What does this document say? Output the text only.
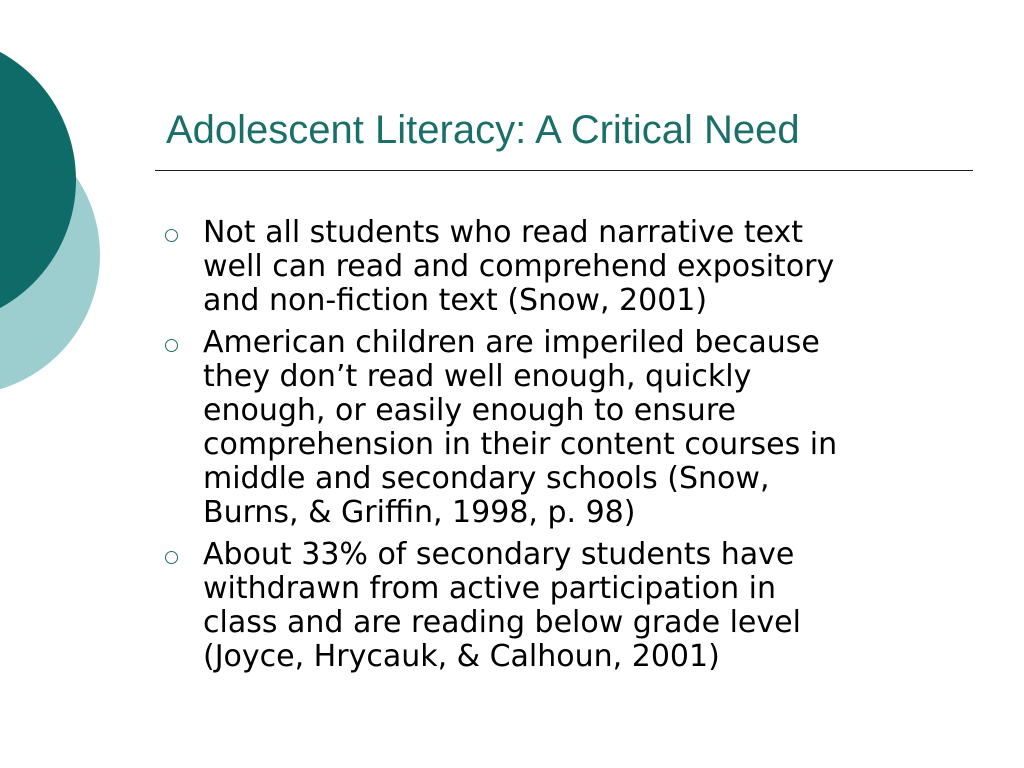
Adolescent Literacy: A Critical Need
Not all students who read narrative text
well can read and comprehend expository
and non-fiction text (Snow, 2001)
American children are imperiled because
they don’t read well enough, quickly
enough, or easily enough to ensure
comprehension in their content courses in
middle and secondary schools (Snow,
Burns, & Griffin, 1998, p. 98)
About 33% of secondary students have
withdrawn from active participation in
class and are reading below grade level
(Joyce, Hrycauk, & Calhoun, 2001)
